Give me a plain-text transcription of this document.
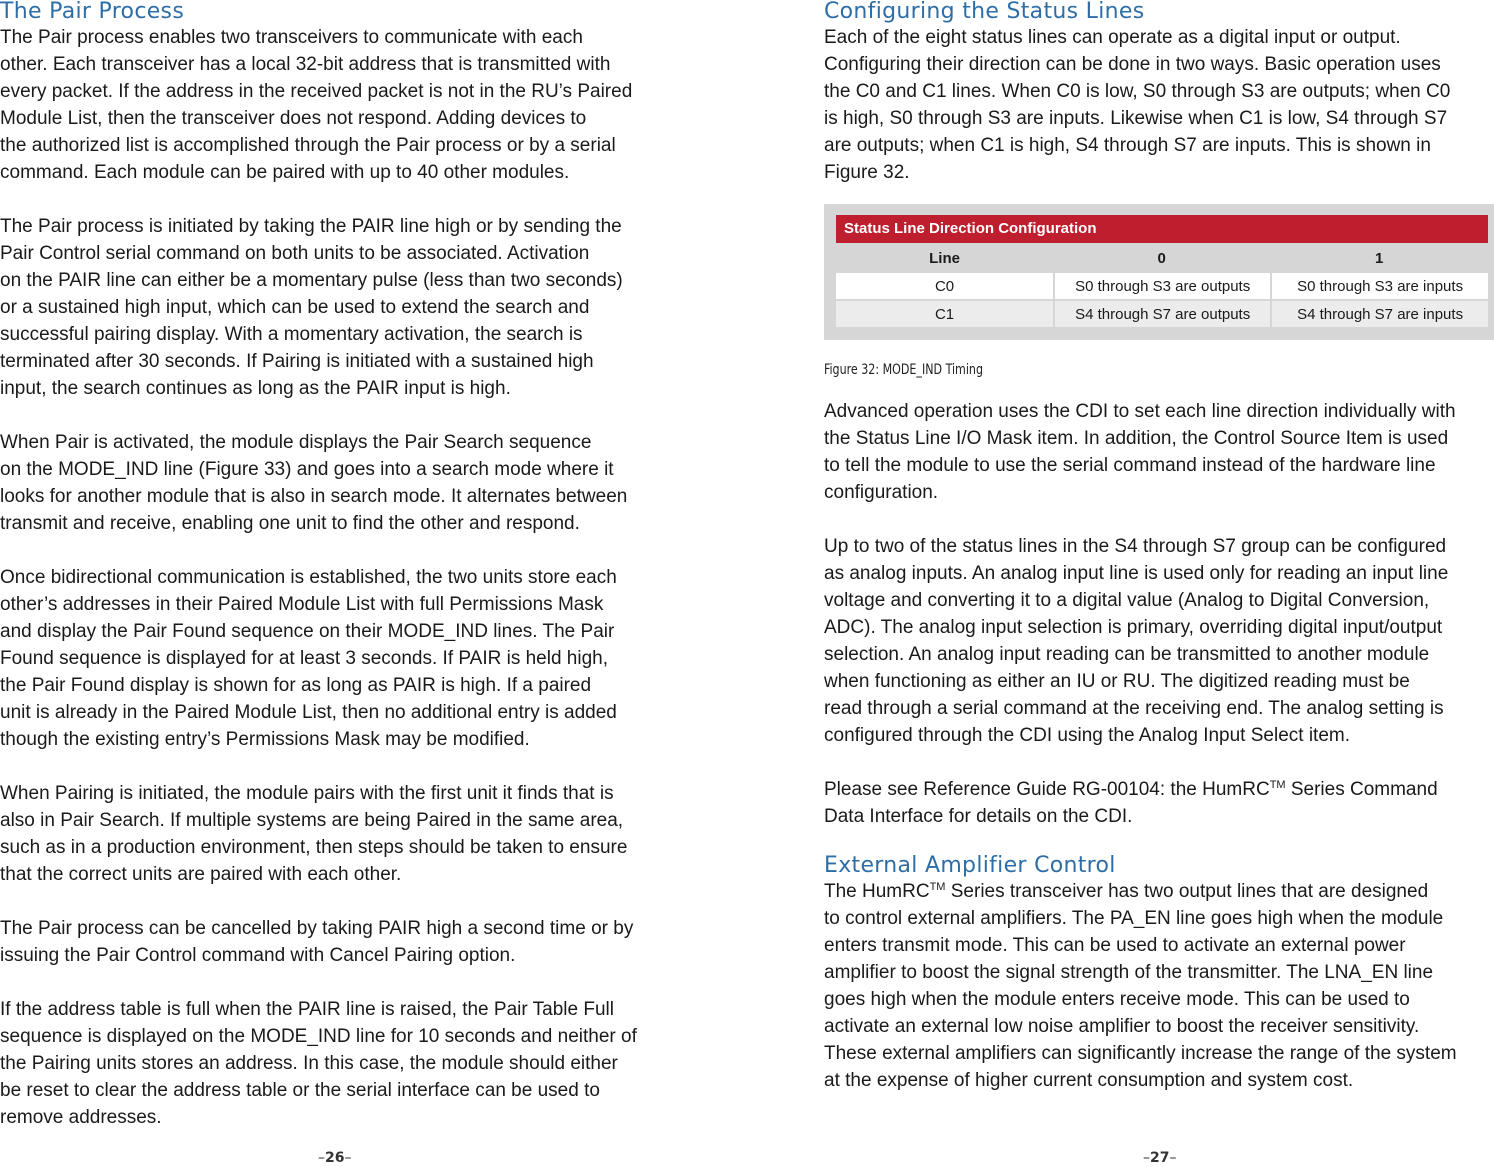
The Pair Process

The Pair process enables two transceivers to communicate with each
other. Each transceiver has a local 32-bit address that is transmitted with
every packet. If the address in the received packet is not in the RU’s Paired
Module List, then the transceiver does not respond. Adding devices to
the authorized list is accomplished through the Pair process or by a serial
command. Each module can be paired with up to 40 other modules.

The Pair process is initiated by taking the PAIR line high or by sending the
Pair Control serial command on both units to be associated. Activation
on the PAIR line can either be a momentary pulse (less than two seconds)
or a sustained high input, which can be used to extend the search and
successful pairing display. With a momentary activation, the search is
terminated after 30 seconds. If Pairing is initiated with a sustained high
input, the search continues as long as the PAIR input is high.

When Pair is activated, the module displays the Pair Search sequence
on the MODE_IND line (Figure 33) and goes into a search mode where it
looks for another module that is also in search mode. It alternates between
transmit and receive, enabling one unit to find the other and respond.

Once bidirectional communication is established, the two units store each
other’s addresses in their Paired Module List with full Permissions Mask
and display the Pair Found sequence on their MODE_IND lines. The Pair
Found sequence is displayed for at least 3 seconds. If PAIR is held high,
the Pair Found display is shown for as long as PAIR is high. If a paired
unit is already in the Paired Module List, then no additional entry is added
though the existing entry’s Permissions Mask may be modified.

When Pairing is initiated, the module pairs with the first unit it finds that is
also in Pair Search. If multiple systems are being Paired in the same area,
such as in a production environment, then steps should be taken to ensure
that the correct units are paired with each other.

The Pair process can be cancelled by taking PAIR high a second time or by
issuing the Pair Control command with Cancel Pairing option.

If the address table is full when the PAIR line is raised, the Pair Table Full
sequence is displayed on the MODE_IND line for 10 seconds and neither of
the Pairing units stores an address. In this case, the module should either
be reset to clear the address table or the serial interface can be used to
remove addresses.

–26–
Configuring the Status Lines

Each of the eight status lines can operate as a digital input or output.
Configuring their direction can be done in two ways. Basic operation uses
the C0 and C1 lines. When C0 is low, S0 through S3 are outputs; when C0
is high, S0 through S3 are inputs. Likewise when C1 is low, S4 through S7
are outputs; when C1 is high, S4 through S7 are inputs. This is shown in
Figure 32.

Status Line Direction Configuration
Line	0	1
C0	S0 through S3 are outputs	S0 through S3 are inputs
C1	S4 through S7 are outputs	S4 through S7 are inputs
Figure 32: MODE_IND Timing

Advanced operation uses the CDI to set each line direction individually with
the Status Line I/O Mask item. In addition, the Control Source Item is used
to tell the module to use the serial command instead of the hardware line
configuration.

Up to two of the status lines in the S4 through S7 group can be configured
as analog inputs. An analog input line is used only for reading an input line
voltage and converting it to a digital value (Analog to Digital Conversion,
ADC). The analog input selection is primary, overriding digital input/output
selection. An analog input reading can be transmitted to another module
when functioning as either an IU or RU. The digitized reading must be
read through a serial command at the receiving end. The analog setting is
configured through the CDI using the Analog Input Select item.

Please see Reference Guide RG-00104: the HumRC™ Series Command
Data Interface for details on the CDI.

External Amplifier Control

The HumRC™ Series transceiver has two output lines that are designed
to control external amplifiers. The PA_EN line goes high when the module
enters transmit mode. This can be used to activate an external power
amplifier to boost the signal strength of the transmitter. The LNA_EN line
goes high when the module enters receive mode. This can be used to
activate an external low noise amplifier to boost the receiver sensitivity.
These external amplifiers can significantly increase the range of the system
at the expense of higher current consumption and system cost.

–27–
